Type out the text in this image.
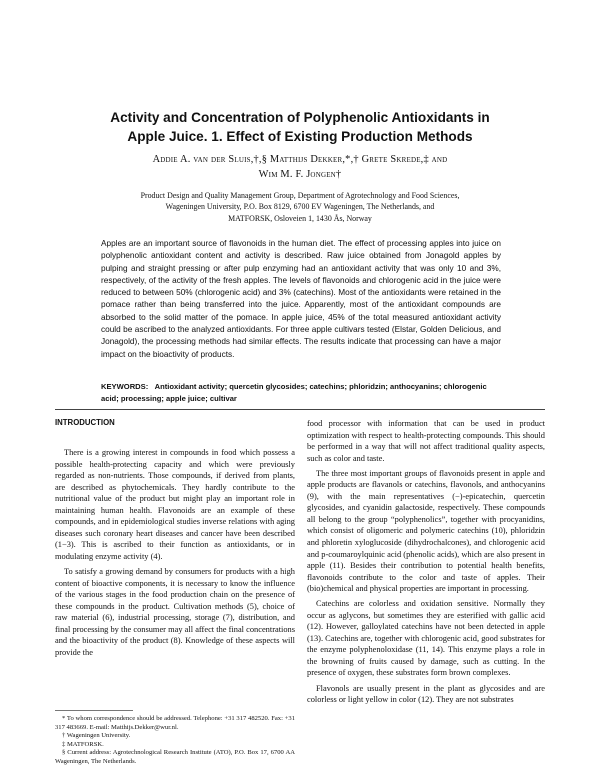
Activity and Concentration of Polyphenolic Antioxidants in
Apple Juice. 1. Effect of Existing Production Methods
Addie A. van der Sluis,†,§ Matthijs Dekker,*,† Grete Skrede,‡ and
Wim M. F. Jongen†
Product Design and Quality Management Group, Department of Agrotechnology and Food Sciences,
Wageningen University, P.O. Box 8129, 6700 EV Wageningen, The Netherlands, and
MATFORSK, Osloveien 1, 1430 Ås, Norway
Apples are an important source of flavonoids in the human diet. The effect of processing apples into juice on polyphenolic antioxidant content and activity is described. Raw juice obtained from Jonagold apples by pulping and straight pressing or after pulp enzyming had an antioxidant activity that was only 10 and 3%, respectively, of the activity of the fresh apples. The levels of flavonoids and chlorogenic acid in the juice were reduced to between 50% (chlorogenic acid) and 3% (catechins). Most of the antioxidants were retained in the pomace rather than being transferred into the juice. Apparently, most of the antioxidant compounds are absorbed to the solid matter of the pomace. In apple juice, 45% of the total measured antioxidant activity could be ascribed to the analyzed antioxidants. For three apple cultivars tested (Elstar, Golden Delicious, and Jonagold), the processing methods had similar effects. The results indicate that processing can have a major impact on the bioactivity of products.
KEYWORDS: Antioxidant activity; quercetin glycosides; catechins; phloridzin; anthocyanins; chlorogenic acid; processing; apple juice; cultivar
INTRODUCTION

There is a growing interest in compounds in food which possess a possible health-protecting capacity and which were previously regarded as non-nutrients. Those compounds, if derived from plants, are described as phytochemicals. They hardly contribute to the nutritional value of the product but might play an important role in maintaining human health. Flavonoids are an example of these compounds, and in epidemiological studies inverse relations with aging diseases such coronary heart diseases and cancer have been described (1−3). This is ascribed to their function as antioxidants, or in modulating enzyme activity (4).

To satisfy a growing demand by consumers for products with a high content of bioactive components, it is necessary to know the influence of the various stages in the food production chain on the presence of these compounds in the product. Cultivation methods (5), choice of raw material (6), industrial processing, storage (7), distribution, and final processing by the consumer may all affect the final concentrations and the bioactivity of the product (8). Knowledge of these aspects will provide the

food processor with information that can be used in product optimization with respect to health-protecting compounds. This should be performed in a way that will not affect traditional quality aspects, such as color and taste.

The three most important groups of flavonoids present in apple and apple products are flavanols or catechins, flavonols, and anthocyanins (9), with the main representatives (−)-epicatechin, quercetin glycosides, and cyanidin galactoside, respectively. These compounds all belong to the group “polyphenolics”, together with procyanidins, which consist of oligomeric and polymeric catechins (10), phloridzin and phloretin xyloglucoside (dihydrochalcones), and chlorogenic acid and p-coumaroylquinic acid (phenolic acids), which are also present in apple (11). Besides their contribution to potential health benefits, flavonoids contribute to the color and taste of apples. Their (bio)chemical and physical properties are important in processing.

Catechins are colorless and oxidation sensitive. Normally they occur as aglycons, but sometimes they are esterified with gallic acid (12). However, galloylated catechins have not been detected in apple (13). Catechins are, together with chlorogenic acid, good substrates for the enzyme polyphenoloxidase (11, 14). This enzyme plays a role in the browning of fruits caused by damage, such as cutting. In the presence of oxygen, these substrates form brown complexes.

Flavonols are usually present in the plant as glycosides and are colorless or light yellow in color (12). They are not substrates

* To whom correspondence should be addressed. Telephone: +31 317 482520. Fax: +31 317 483669. E-mail: Matthijs.Dekker@wur.nl.

† Wageningen University.

‡ MATFORSK.

§ Current address: Agrotechnological Research Institute (ATO), P.O. Box 17, 6700 AA Wageningen, The Netherlands.
